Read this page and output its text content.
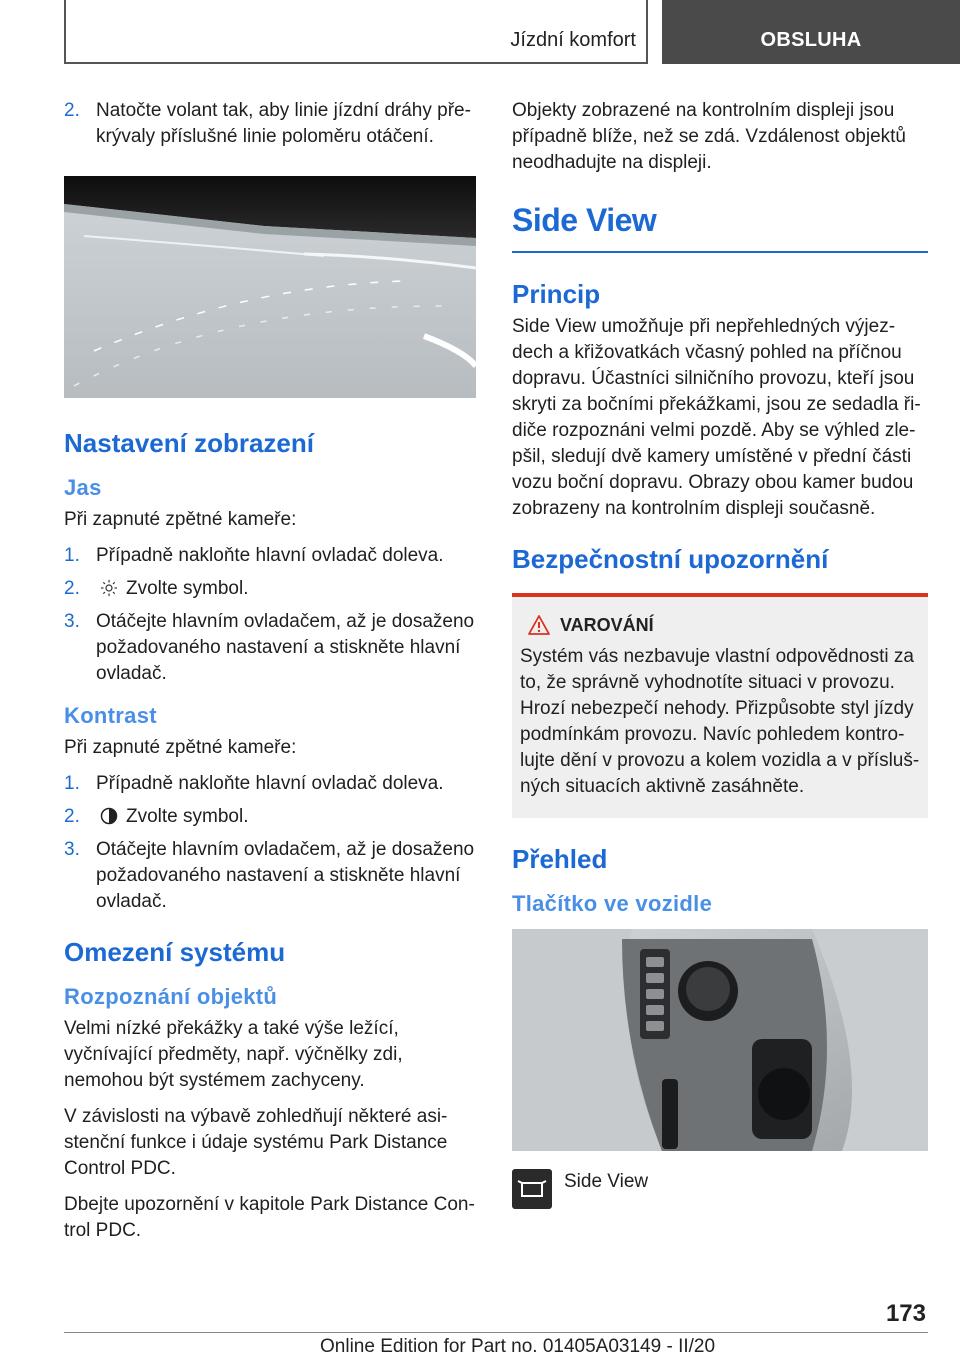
Jízdní komfort	OBSLUHA
2. Natočte volant tak, aby linie jízdní dráhy překrývaly příslušné linie poloměru otáčení.
Nastavení zobrazení
Jas

Při zapnuté zpětné kameře:

1. Případně nakloňte hlavní ovladač doleva.
2. Zvolte symbol.
3. Otáčejte hlavním ovladačem, až je dosaženo požadovaného nastavení a stiskněte hlavní ovladač.
Kontrast

Při zapnuté zpětné kameře:

1. Případně nakloňte hlavní ovladač doleva.
2. Zvolte symbol.
3. Otáčejte hlavním ovladačem, až je dosaženo požadovaného nastavení a stiskněte hlavní ovladač.
Omezení systému
Rozpoznání objektů

Velmi nízké překážky a také výše ležící, vyčnívající předměty, např. výčnělky zdi, nemohou být systémem zachyceny.

V závislosti na výbavě zohledňují některé asistenční funkce i údaje systému Park Distance Control PDC.

Dbejte upozornění v kapitole Park Distance Control PDC.

Objekty zobrazené na kontrolním displeji jsou případně blíže, než se zdá. Vzdálenost objektů neodhadujte na displeji.

Side View
Princip

Side View umožňuje při nepřehledných výjezdech a křižovatkách včasný pohled na příčnou dopravu. Účastníci silničního provozu, kteří jsou skryti za bočními překážkami, jsou ze sedadla řidiče rozpoznáni velmi pozdě. Aby se výhled zlepšil, sledují dvě kamery umístěné v přední části vozu boční dopravu. Obrazy obou kamer budou zobrazeny na kontrolním displeji současně.

Bezpečnostní upozornění
VAROVÁNÍ

Systém vás nezbavuje vlastní odpovědnosti za to, že správně vyhodnotíte situaci v provozu. Hrozí nebezpečí nehody. Přizpůsobte styl jízdy podmínkám provozu. Navíc pohledem kontrolujte dění v provozu a kolem vozidla a v příslušných situacích aktivně zasáhněte.

Přehled
Tlačítko ve vozidle
Side View
173
Online Edition for Part no. 01405A03149 - II/20
